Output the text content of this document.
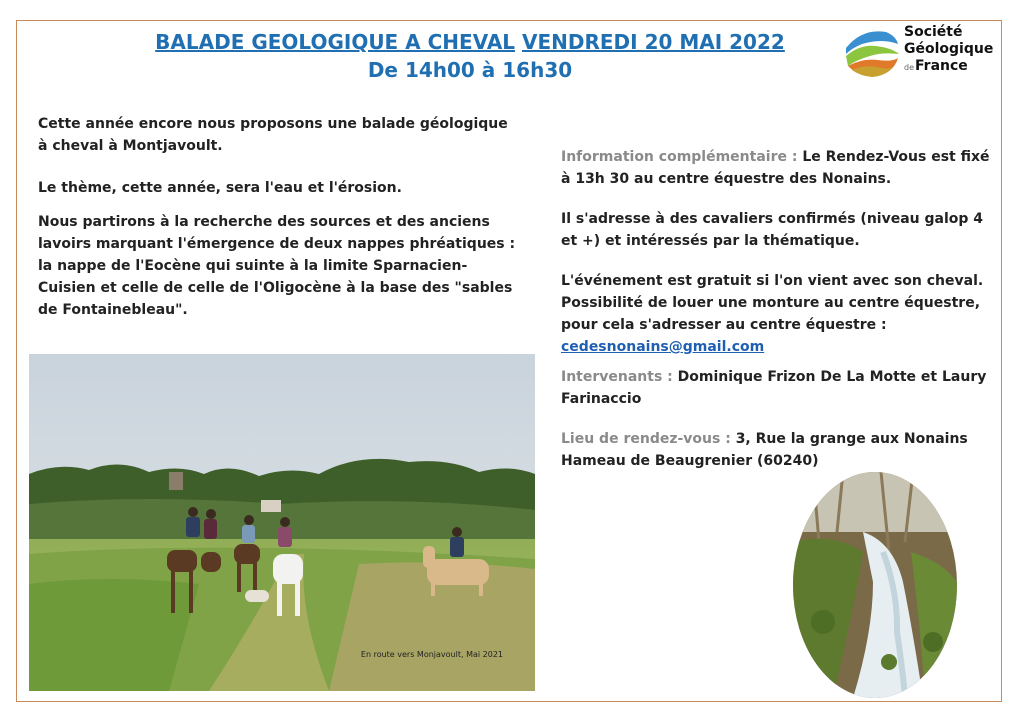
BALADE GEOLOGIQUE A CHEVAL VENDREDI 20 MAI 2022
De 14h00 à 16h30
Société
Géologique
deFrance

Cette année encore nous proposons une balade géologique à cheval à Montjavoult.

Le thème, cette année, sera l'eau et l'érosion.

Nous partirons à la recherche des sources et des anciens lavoirs marquant l'émergence de deux nappes phréatiques : la nappe de l'Eocène qui suinte à la limite Sparnacien-Cuisien et celle de celle de l'Oligocène à la base des "sables de Fontainebleau".

Information complémentaire : Le Rendez-Vous est fixé à 13h 30 au centre équestre des Nonains.

Il s'adresse à des cavaliers confirmés (niveau galop 4 et +) et intéressés par la thématique.

L'événement est gratuit si l'on vient avec son cheval. Possibilité de louer une monture au centre équestre, pour cela s'adresser au centre équestre :
cedesnonains@gmail.com

Intervenants : Dominique Frizon De La Motte et Laury Farinaccio

Lieu de rendez-vous : 3, Rue la grange aux Nonains Hameau de Beaugrenier (60240)

En route vers Monjavoult, Mai 2021
